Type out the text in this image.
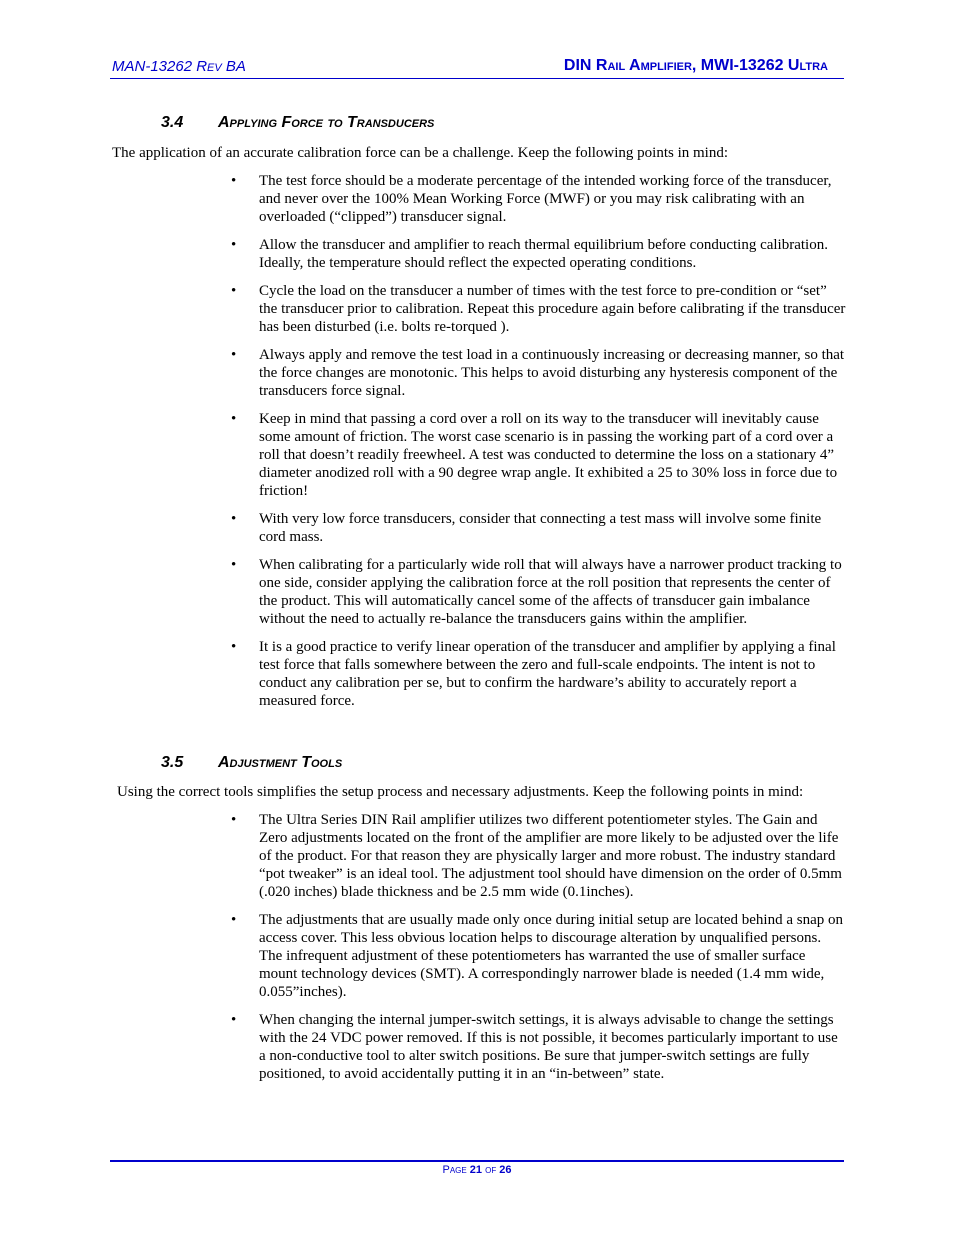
MAN-13262 Rev BA	DIN Rail Amplifier, MWI-13262 Ultra
3.4 Applying Force to Transducers
The application of an accurate calibration force can be a challenge. Keep the following points in mind:
• The test force should be a moderate percentage of the intended working force of the transducer, and never over the 100% Mean Working Force (MWF) or you may risk calibrating with an overloaded (“clipped”) transducer signal.
• Allow the transducer and amplifier to reach thermal equilibrium before conducting calibration. Ideally, the temperature should reflect the expected operating conditions.
• Cycle the load on the transducer a number of times with the test force to pre-condition or “set” the transducer prior to calibration. Repeat this procedure again before calibrating if the transducer has been disturbed (i.e. bolts re-torqued ).
• Always apply and remove the test load in a continuously increasing or decreasing manner, so that the force changes are monotonic. This helps to avoid disturbing any hysteresis component of the transducers force signal.
• Keep in mind that passing a cord over a roll on its way to the transducer will inevitably cause some amount of friction. The worst case scenario is in passing the working part of a cord over a roll that doesn’t readily freewheel. A test was conducted to determine the loss on a stationary 4” diameter anodized roll with a 90 degree wrap angle. It exhibited a 25 to 30% loss in force due to friction!
• With very low force transducers, consider that connecting a test mass will involve some finite cord mass.
• When calibrating for a particularly wide roll that will always have a narrower product tracking to one side, consider applying the calibration force at the roll position that represents the center of the product. This will automatically cancel some of the affects of transducer gain imbalance without the need to actually re-balance the transducers gains within the amplifier.
• It is a good practice to verify linear operation of the transducer and amplifier by applying a final test force that falls somewhere between the zero and full-scale endpoints. The intent is not to conduct any calibration per se, but to confirm the hardware’s ability to accurately report a measured force.
3.5 Adjustment Tools
Using the correct tools simplifies the setup process and necessary adjustments. Keep the following points in mind:
• The Ultra Series DIN Rail amplifier utilizes two different potentiometer styles. The Gain and Zero adjustments located on the front of the amplifier are more likely to be adjusted over the life of the product. For that reason they are physically larger and more robust. The industry standard “pot tweaker” is an ideal tool. The adjustment tool should have dimension on the order of 0.5mm (.020 inches) blade thickness and be 2.5 mm wide (0.1inches).
• The adjustments that are usually made only once during initial setup are located behind a snap on access cover. This less obvious location helps to discourage alteration by unqualified persons. The infrequent adjustment of these potentiometers has warranted the use of smaller surface mount technology devices (SMT). A correspondingly narrower blade is needed (1.4 mm wide, 0.055”inches).
• When changing the internal jumper-switch settings, it is always advisable to change the settings with the 24 VDC power removed. If this is not possible, it becomes particularly important to use a non-conductive tool to alter switch positions. Be sure that jumper-switch settings are fully positioned, to avoid accidentally putting it in an “in-between” state.
Page 21 of 26
